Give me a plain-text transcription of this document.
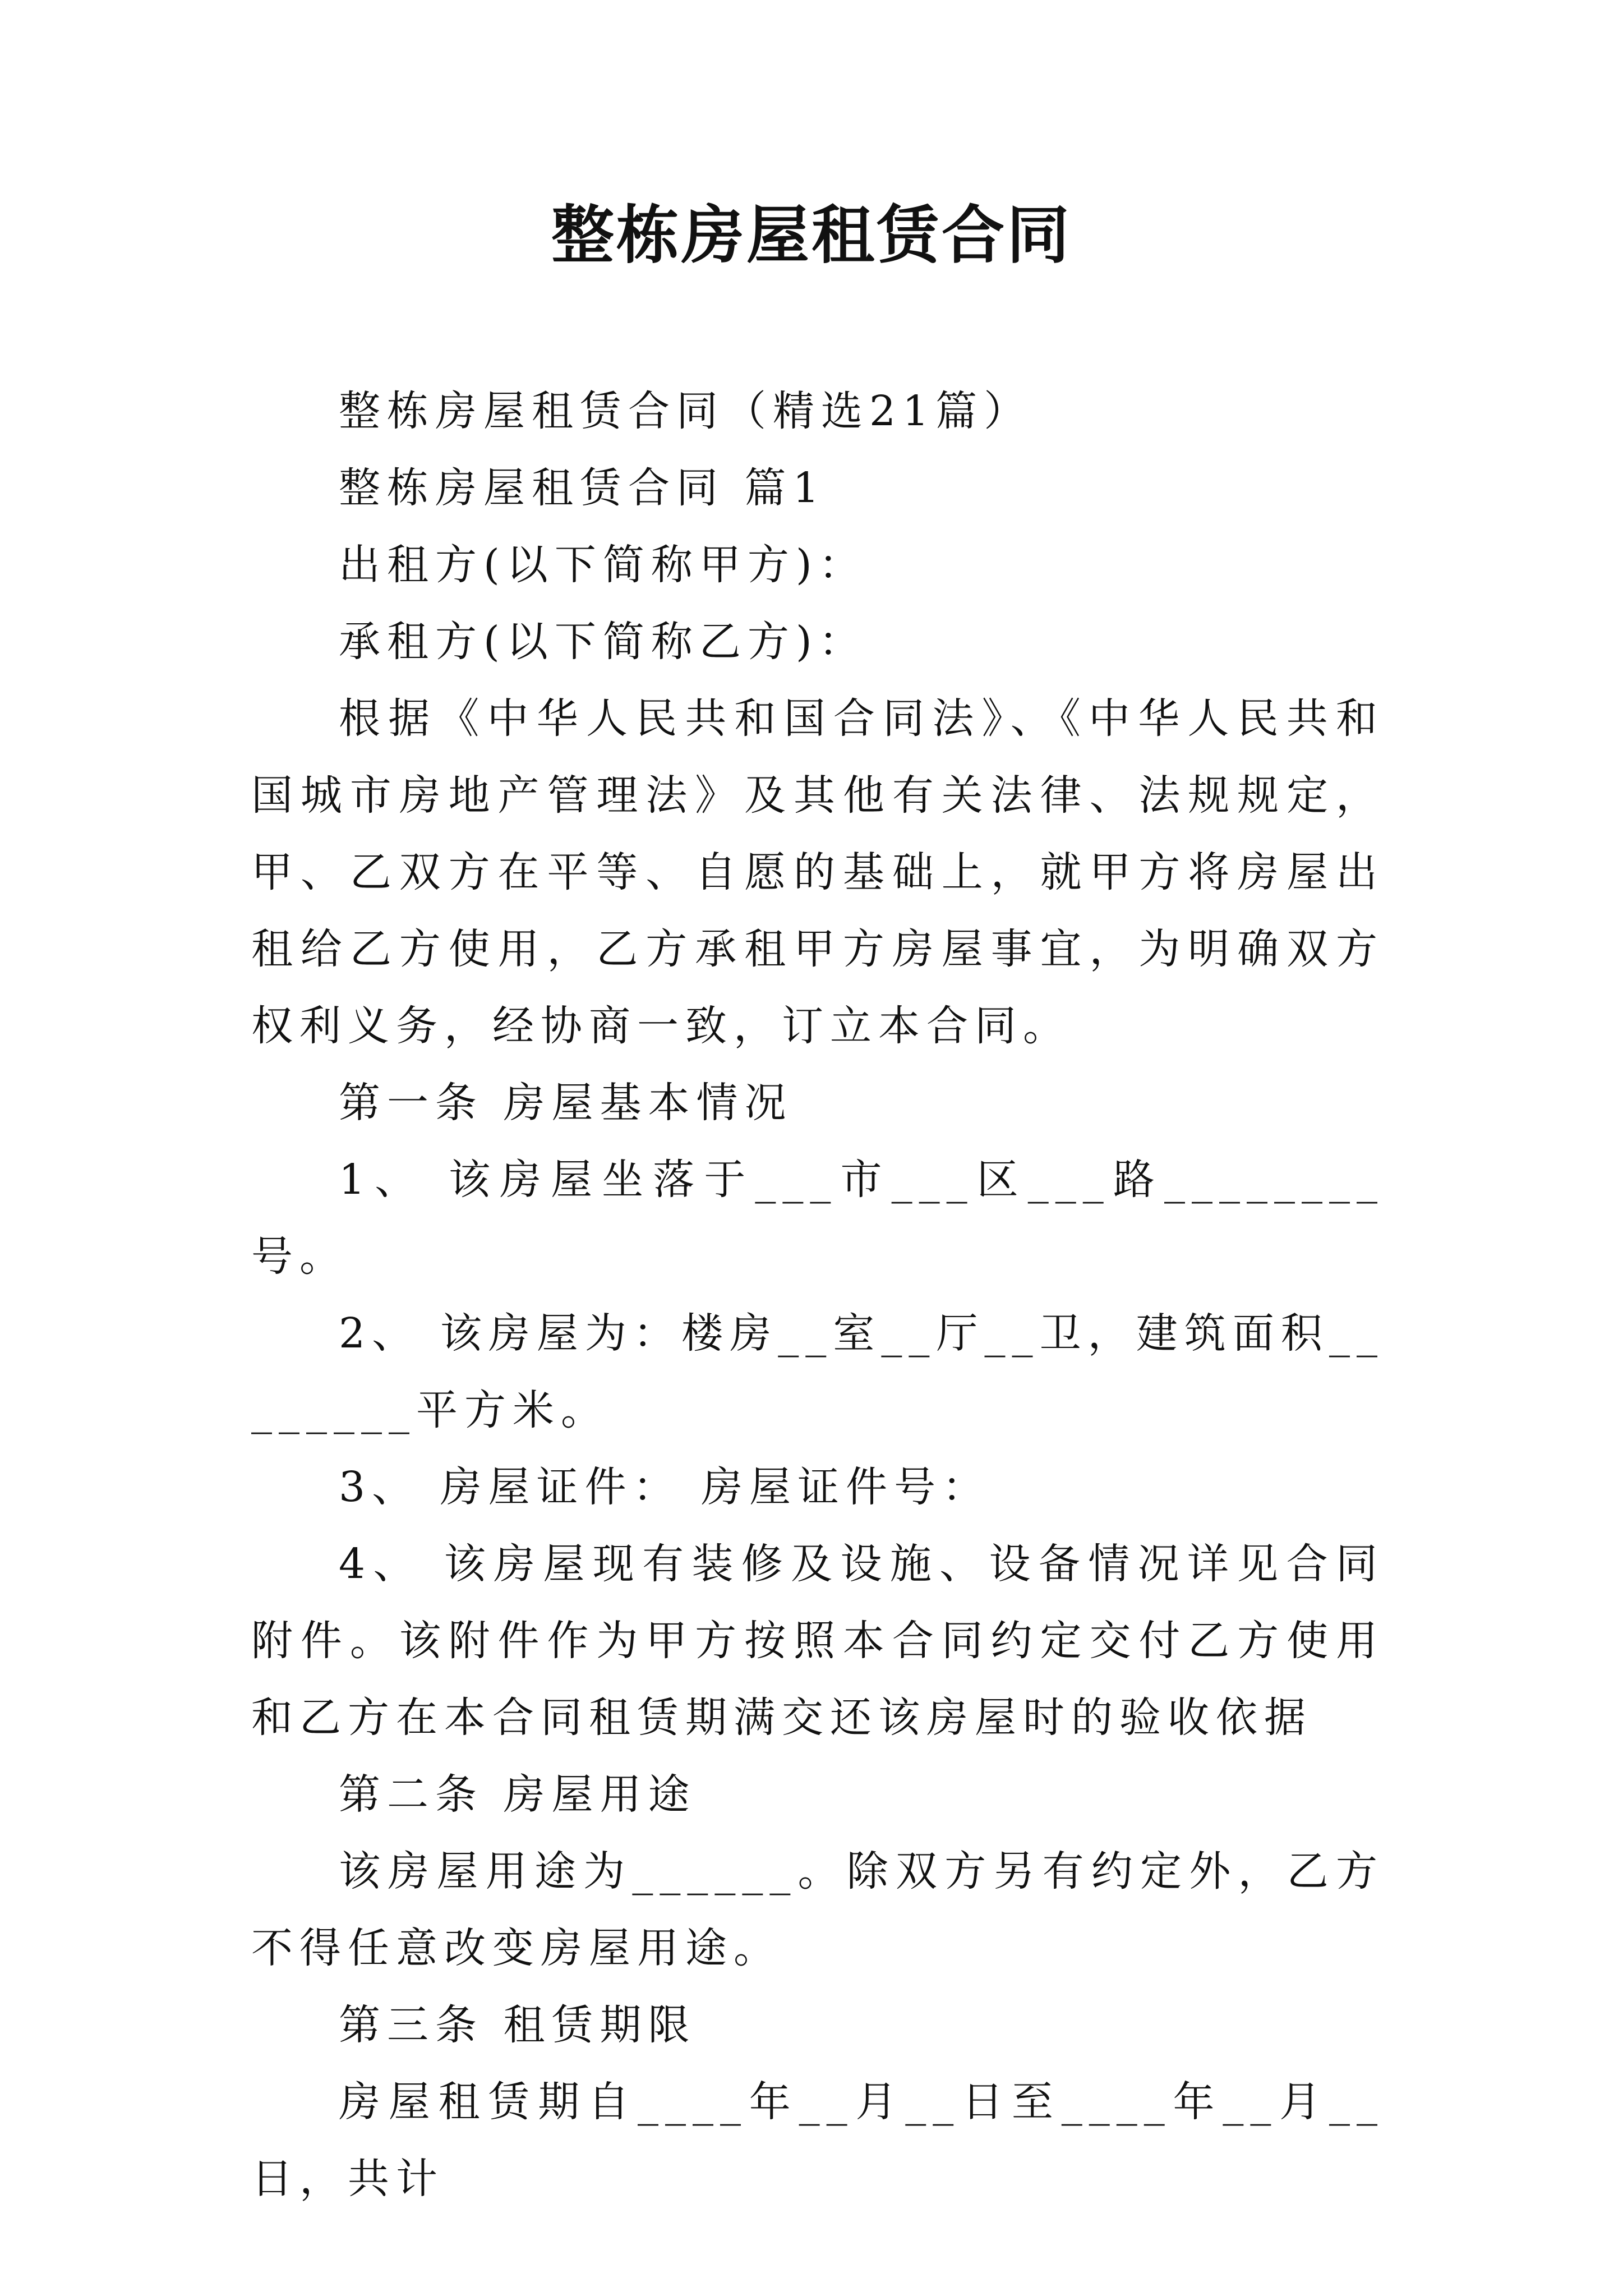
整栋房屋租赁合同

整栋房屋租赁合同（精选21篇）

整栋房屋租赁合同 篇1

出租方(以下简称甲方)：

承租方(以下简称乙方)：

根据《中华人民共和国合同法》、《中华人民共和国城市房地产管理法》及其他有关法律、法规规定，甲、乙双方在平等、自愿的基础上，就甲方将房屋出租给乙方使用，乙方承租甲方房屋事宜，为明确双方权利义务，经协商一致，订立本合同。

第一条 房屋基本情况

1、 该房屋坐落于___市___区___路________号。

2、 该房屋为：楼房__室__厅__卫，建筑面积________平方米。

3、 房屋证件： 房屋证件号：

4、 该房屋现有装修及设施、设备情况详见合同附件。该附件作为甲方按照本合同约定交付乙方使用和乙方在本合同租赁期满交还该房屋时的验收依据

第二条 房屋用途

该房屋用途为______。除双方另有约定外，乙方不得任意改变房屋用途。

第三条 租赁期限

房屋租赁期自____年__月__日至____年__月__日，共计
